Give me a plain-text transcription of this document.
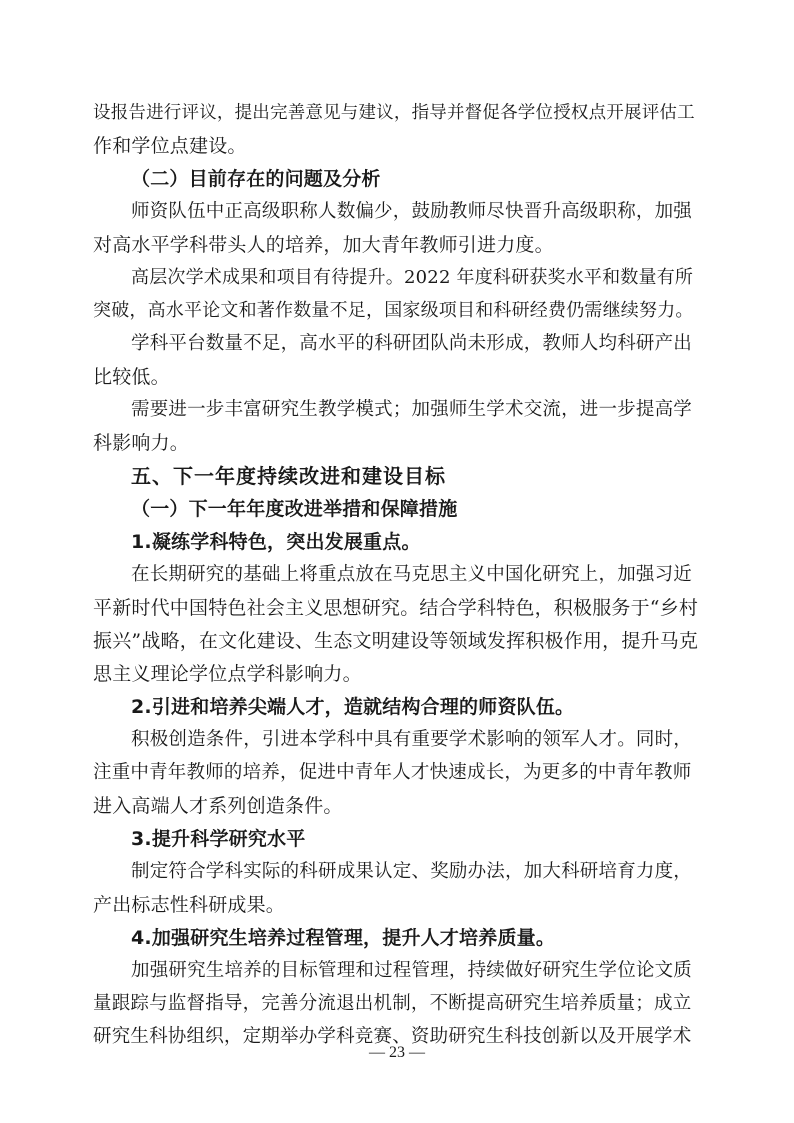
设报告进行评议，提出完善意见与建议，指导并督促各学位授权点开展评估工
作和学位点建设。
（二）目前存在的问题及分析
师资队伍中正高级职称人数偏少，鼓励教师尽快晋升高级职称，加强
对高水平学科带头人的培养，加大青年教师引进力度。
高层次学术成果和项目有待提升。2022 年度科研获奖水平和数量有所
突破，高水平论文和著作数量不足，国家级项目和科研经费仍需继续努力。
学科平台数量不足，高水平的科研团队尚未形成，教师人均科研产出
比较低。
需要进一步丰富研究生教学模式；加强师生学术交流，进一步提高学
科影响力。
五、下一年度持续改进和建设目标
（一）下一年年度改进举措和保障措施
1.凝练学科特色，突出发展重点。
在长期研究的基础上将重点放在马克思主义中国化研究上，加强习近
平新时代中国特色社会主义思想研究。结合学科特色，积极服务于“乡村
振兴”战略，在文化建设、生态文明建设等领域发挥积极作用，提升马克
思主义理论学位点学科影响力。
2.引进和培养尖端人才，造就结构合理的师资队伍。
积极创造条件，引进本学科中具有重要学术影响的领军人才。同时，
注重中青年教师的培养，促进中青年人才快速成长，为更多的中青年教师
进入高端人才系列创造条件。
3.提升科学研究水平
制定符合学科实际的科研成果认定、奖励办法，加大科研培育力度，
产出标志性科研成果。
4.加强研究生培养过程管理，提升人才培养质量。
加强研究生培养的目标管理和过程管理，持续做好研究生学位论文质
量跟踪与监督指导，完善分流退出机制，不断提高研究生培养质量；成立
研究生科协组织，定期举办学科竞赛、资助研究生科技创新以及开展学术
— 23 —
